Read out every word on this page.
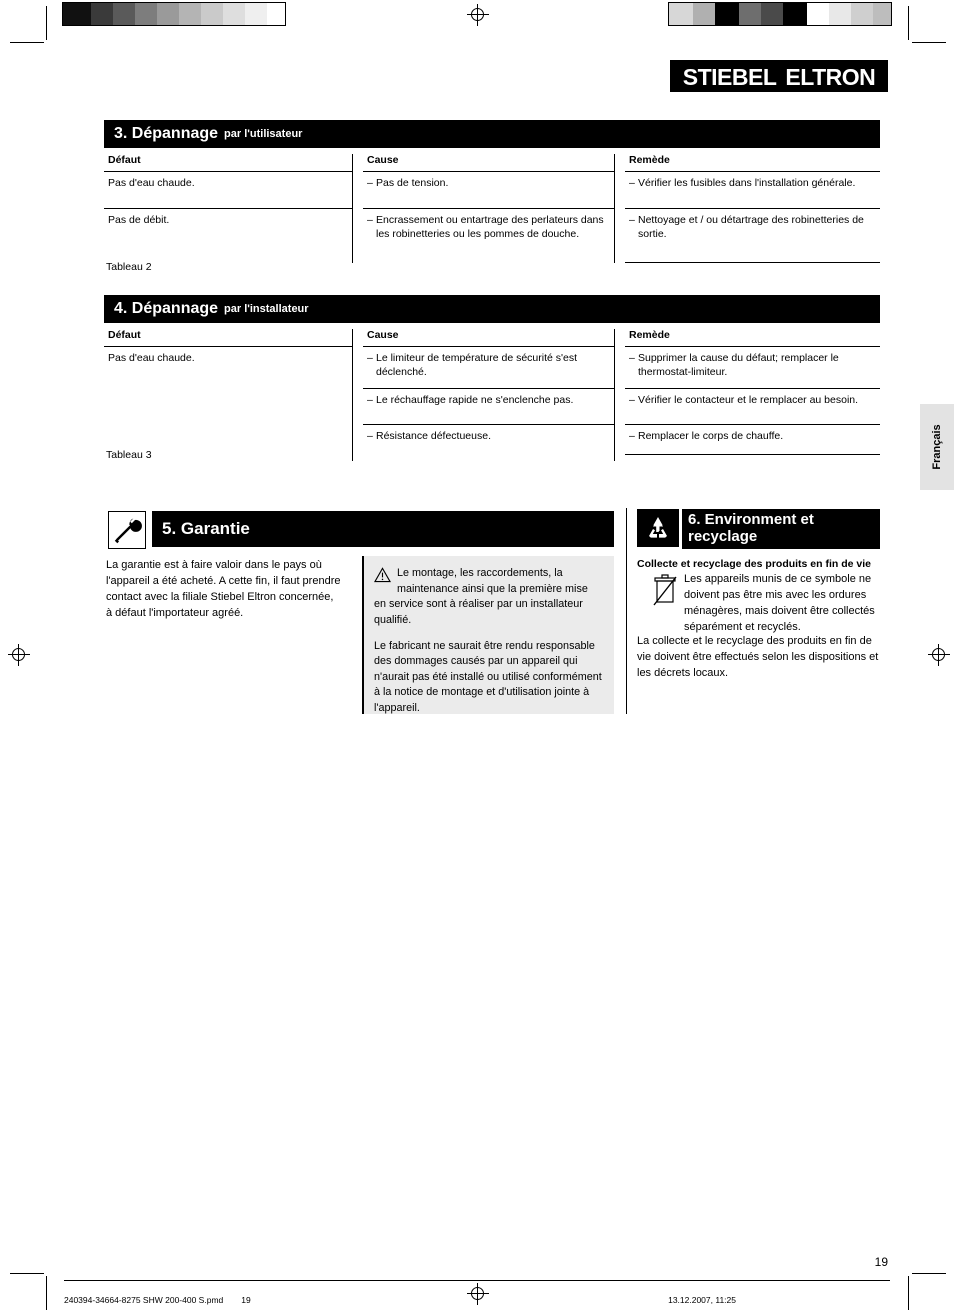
STIEBEL ELTRON
3. Dépannage par l'utilisateur
Défaut
Pas d'eau chaude.
Pas de débit.
Cause
– Pas de tension.
– Encrassement ou entartrage des perlateurs dans les robinetteries ou les pommes de douche.
Remède
– Vérifier les fusibles dans l'installation générale.
– Nettoyage et / ou détartrage des robinetteries de sortie.
Tableau 2
4. Dépannage par l'installateur
Défaut
Pas d'eau chaude.
Cause
– Le limiteur de température de sécurité s'est déclenché.
– Le réchauffage rapide ne s'enclenche pas.
– Résistance défectueuse.
Remède
– Supprimer la cause du défaut; remplacer le thermostat-limiteur.
– Vérifier le contacteur et le remplacer au besoin.
– Remplacer le corps de chauffe.
Tableau 3
5. Garantie
La garantie est à faire valoir dans le pays où l'appareil a été acheté. A cette fin, il faut prendre contact avec la filiale Stiebel Eltron concernée, à défaut l'importateur agréé.

Le montage, les raccordements, la maintenance ainsi que la première mise en service sont à réaliser par un installateur qualifié.

Le fabricant ne saurait être rendu responsable des dommages causés par un appareil qui n'aurait pas été installé ou utilisé conformément à la notice de montage et d'utilisation jointe à l'appareil.

6. Environment et recyclage
Collecte et recyclage des produits en fin de vie
Les appareils munis de ce symbole ne doivent pas être mis avec les ordures ménagères, mais doivent être collectés séparément et recyclés.
La collecte et le recyclage des produits en fin de vie doivent être effectués selon les dispositions et les décrets locaux.
Français
19
240394-34664-8275 SHW 200-400 S.pmd 19	13.12.2007, 11:25
